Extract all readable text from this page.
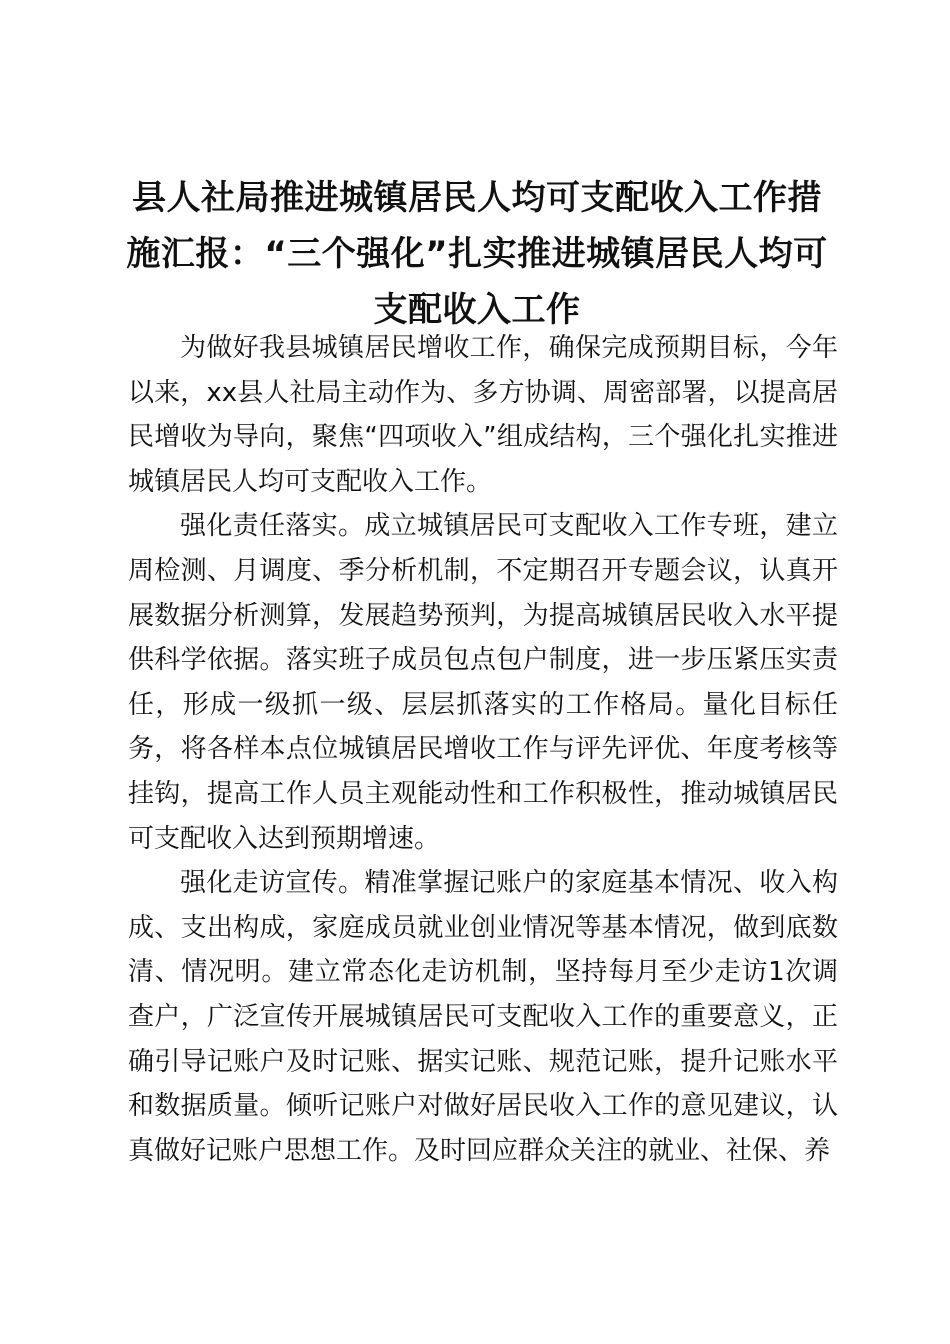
县人社局推进城镇居民人均可支配收入工作措施汇报：“三个强化”扎实推进城镇居民人均可支配收入工作

为做好我县城镇居民增收工作，确保完成预期目标，今年以来，xx县人社局主动作为、多方协调、周密部署，以提高居民增收为导向，聚焦“四项收入”组成结构，三个强化扎实推进城镇居民人均可支配收入工作。

强化责任落实。成立城镇居民可支配收入工作专班，建立周检测、月调度、季分析机制，不定期召开专题会议，认真开展数据分析测算，发展趋势预判，为提高城镇居民收入水平提供科学依据。落实班子成员包点包户制度，进一步压紧压实责任，形成一级抓一级、层层抓落实的工作格局。量化目标任务，将各样本点位城镇居民增收工作与评先评优、年度考核等挂钩，提高工作人员主观能动性和工作积极性，推动城镇居民可支配收入达到预期增速。

强化走访宣传。精准掌握记账户的家庭基本情况、收入构成、支出构成，家庭成员就业创业情况等基本情况，做到底数清、情况明。建立常态化走访机制，坚持每月至少走访1次调查户，广泛宣传开展城镇居民可支配收入工作的重要意义，正确引导记账户及时记账、据实记账、规范记账，提升记账水平和数据质量。倾听记账户对做好居民收入工作的意见建议，认真做好记账户思想工作。及时回应群众关注的就业、社保、养
